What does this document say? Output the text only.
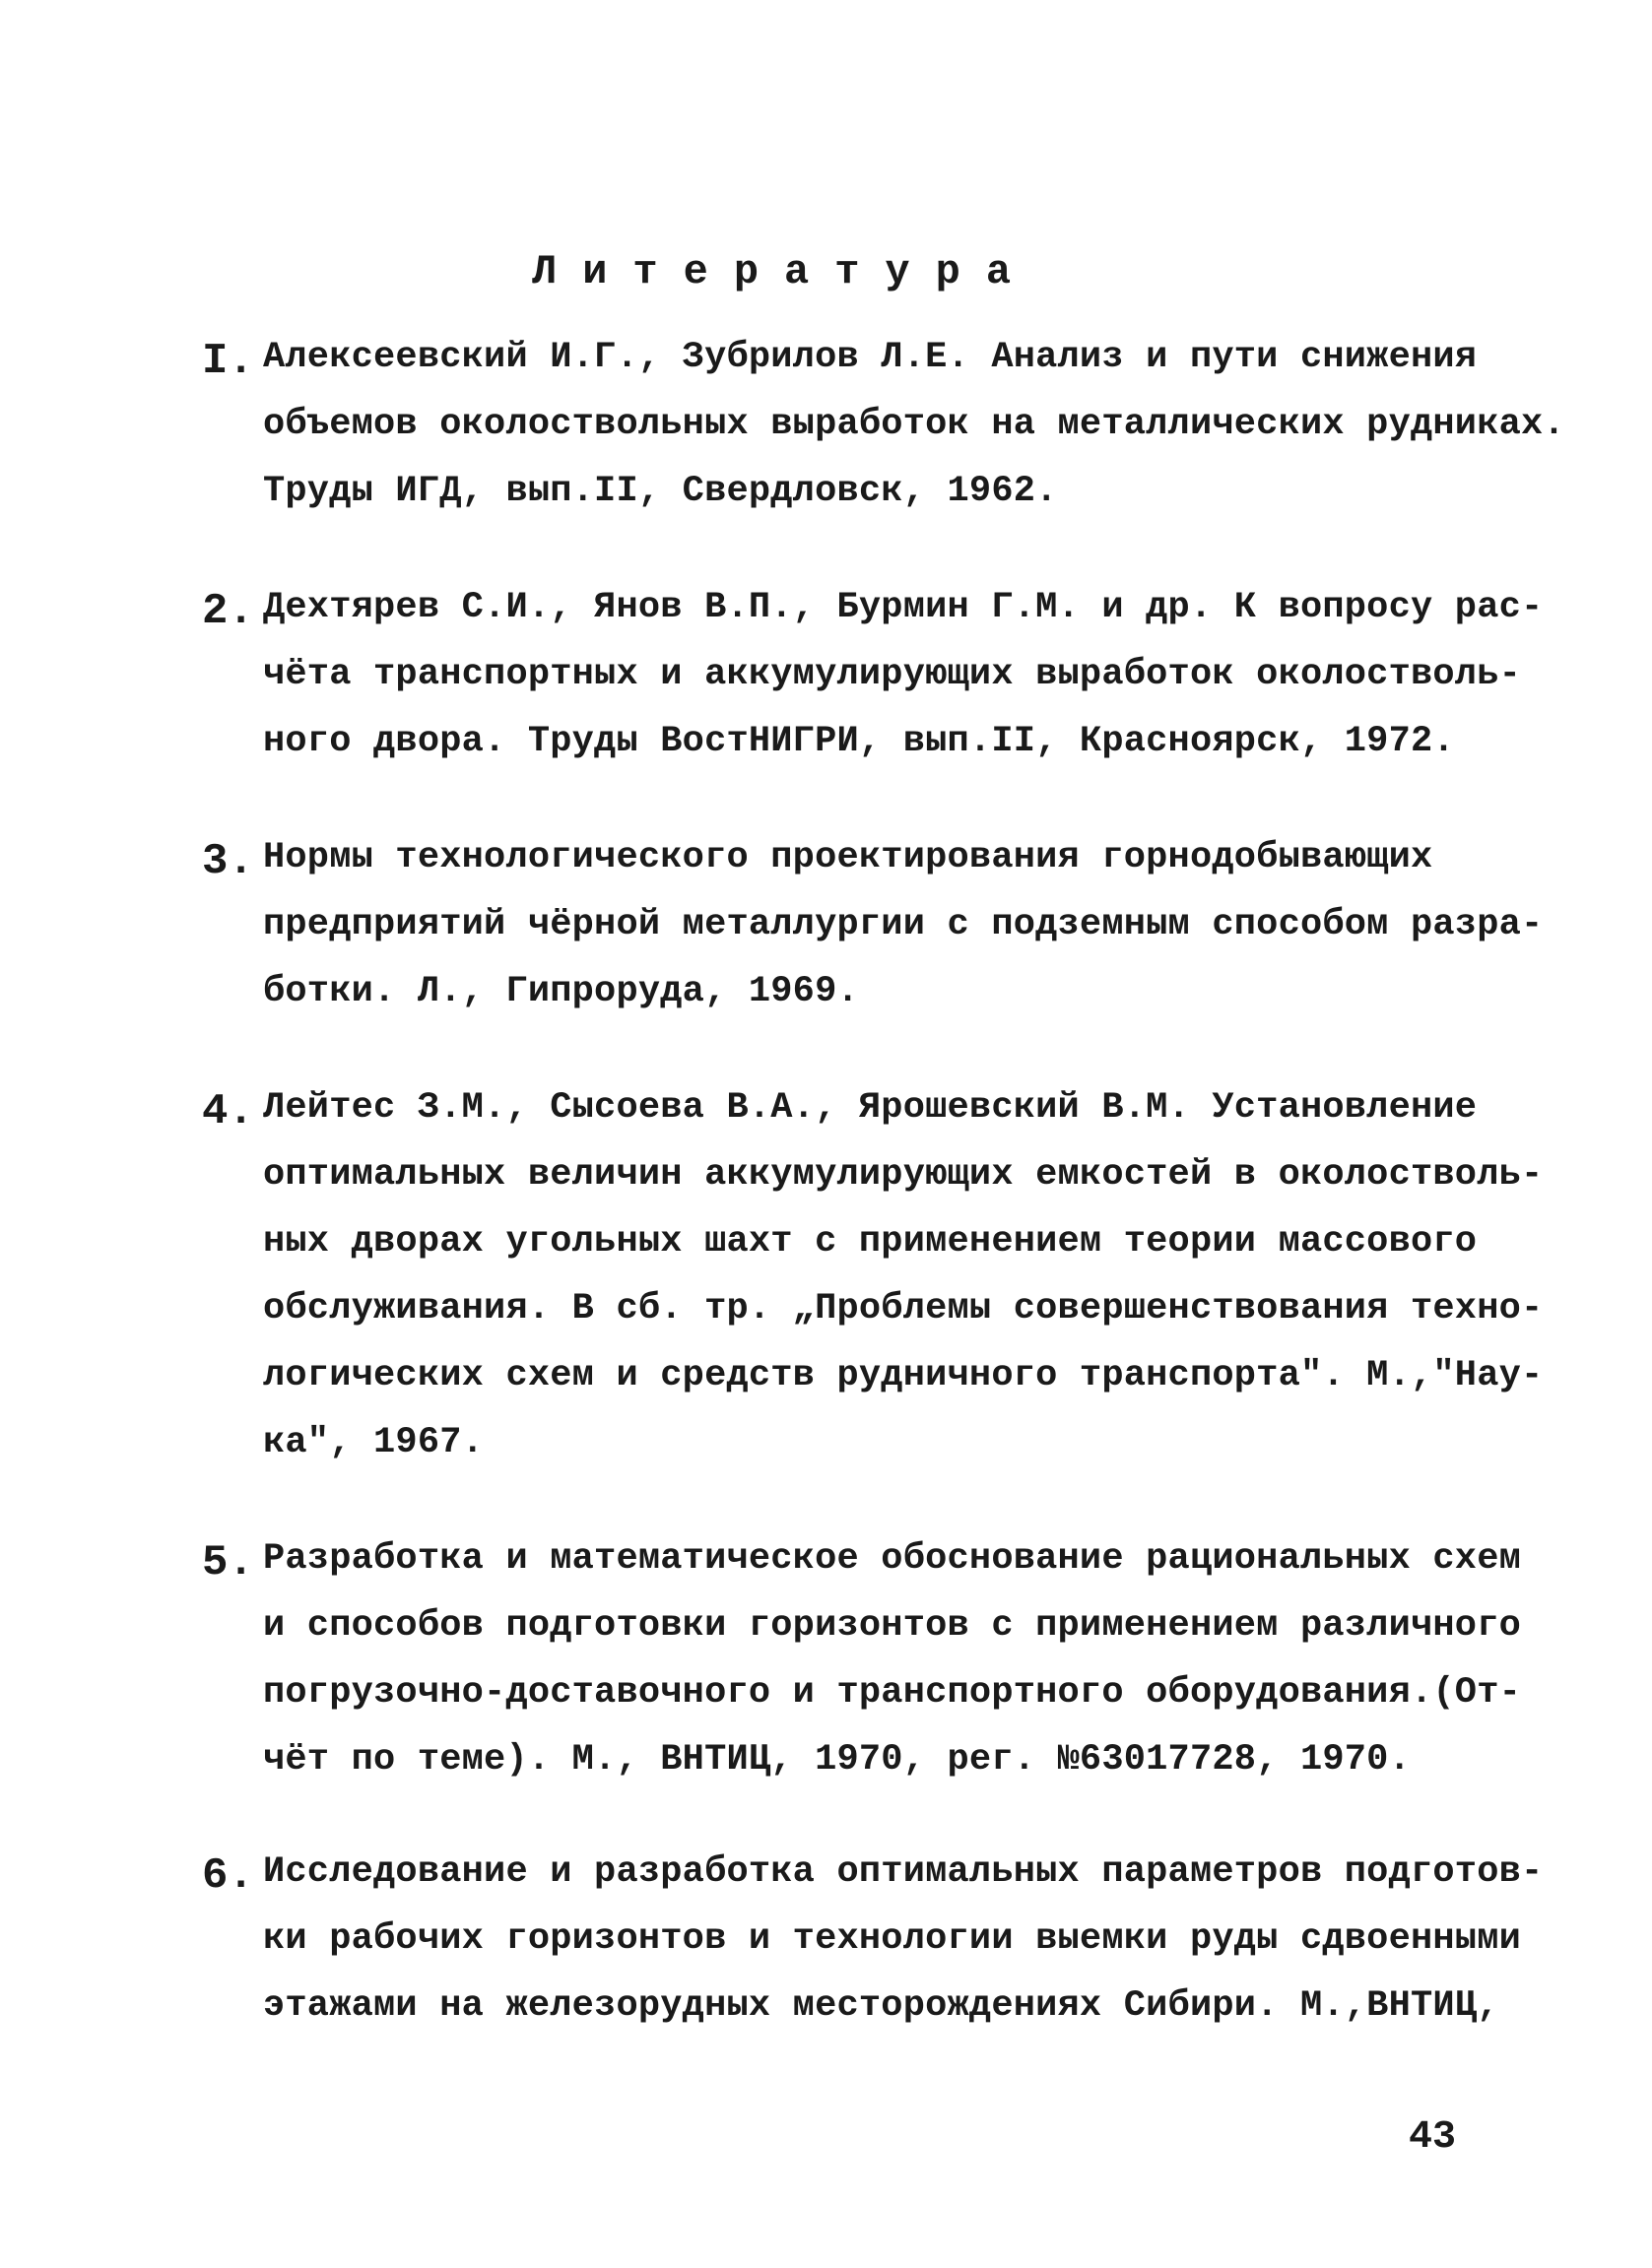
Литература
I. Алексеевский И.Г., Зубрилов Л.Е. Анализ и пути снижения
объемов околоствольных выработок на металлических рудниках.
Труды ИГД, вып.II, Свердловск, 1962.
2. Дехтярев С.И., Янов В.П., Бурмин Г.М. и др. К вопросу рас-
чёта транспортных и аккумулирующих выработок околостволь-
ного двора. Труды ВостНИГРИ, вып.II, Красноярск, 1972.
3. Нормы технологического проектирования горнодобывающих
предприятий чёрной металлургии с подземным способом разра-
ботки. Л., Гипроруда, 1969.
4. Лейтес З.М., Сысоева В.А., Ярошевский В.М. Установление
оптимальных величин аккумулирующих емкостей в околостволь-
ных дворах угольных шахт с применением теории массового
обслуживания. В сб. тр. „Проблемы совершенствования техно-
логических схем и средств рудничного транспорта". М.,"Нау-
ка", 1967.
5. Разработка и математическое обоснование рациональных схем
и способов подготовки горизонтов с применением различного
погрузочно-доставочного и транспортного оборудования.(От-
чёт по теме). М., ВНТИЦ, 1970, рег. №63017728, 1970.
6. Исследование и разработка оптимальных параметров подготов-
ки рабочих горизонтов и технологии выемки руды сдвоенными
этажами на железорудных месторождениях Сибири. М.,ВНТИЦ,
43
